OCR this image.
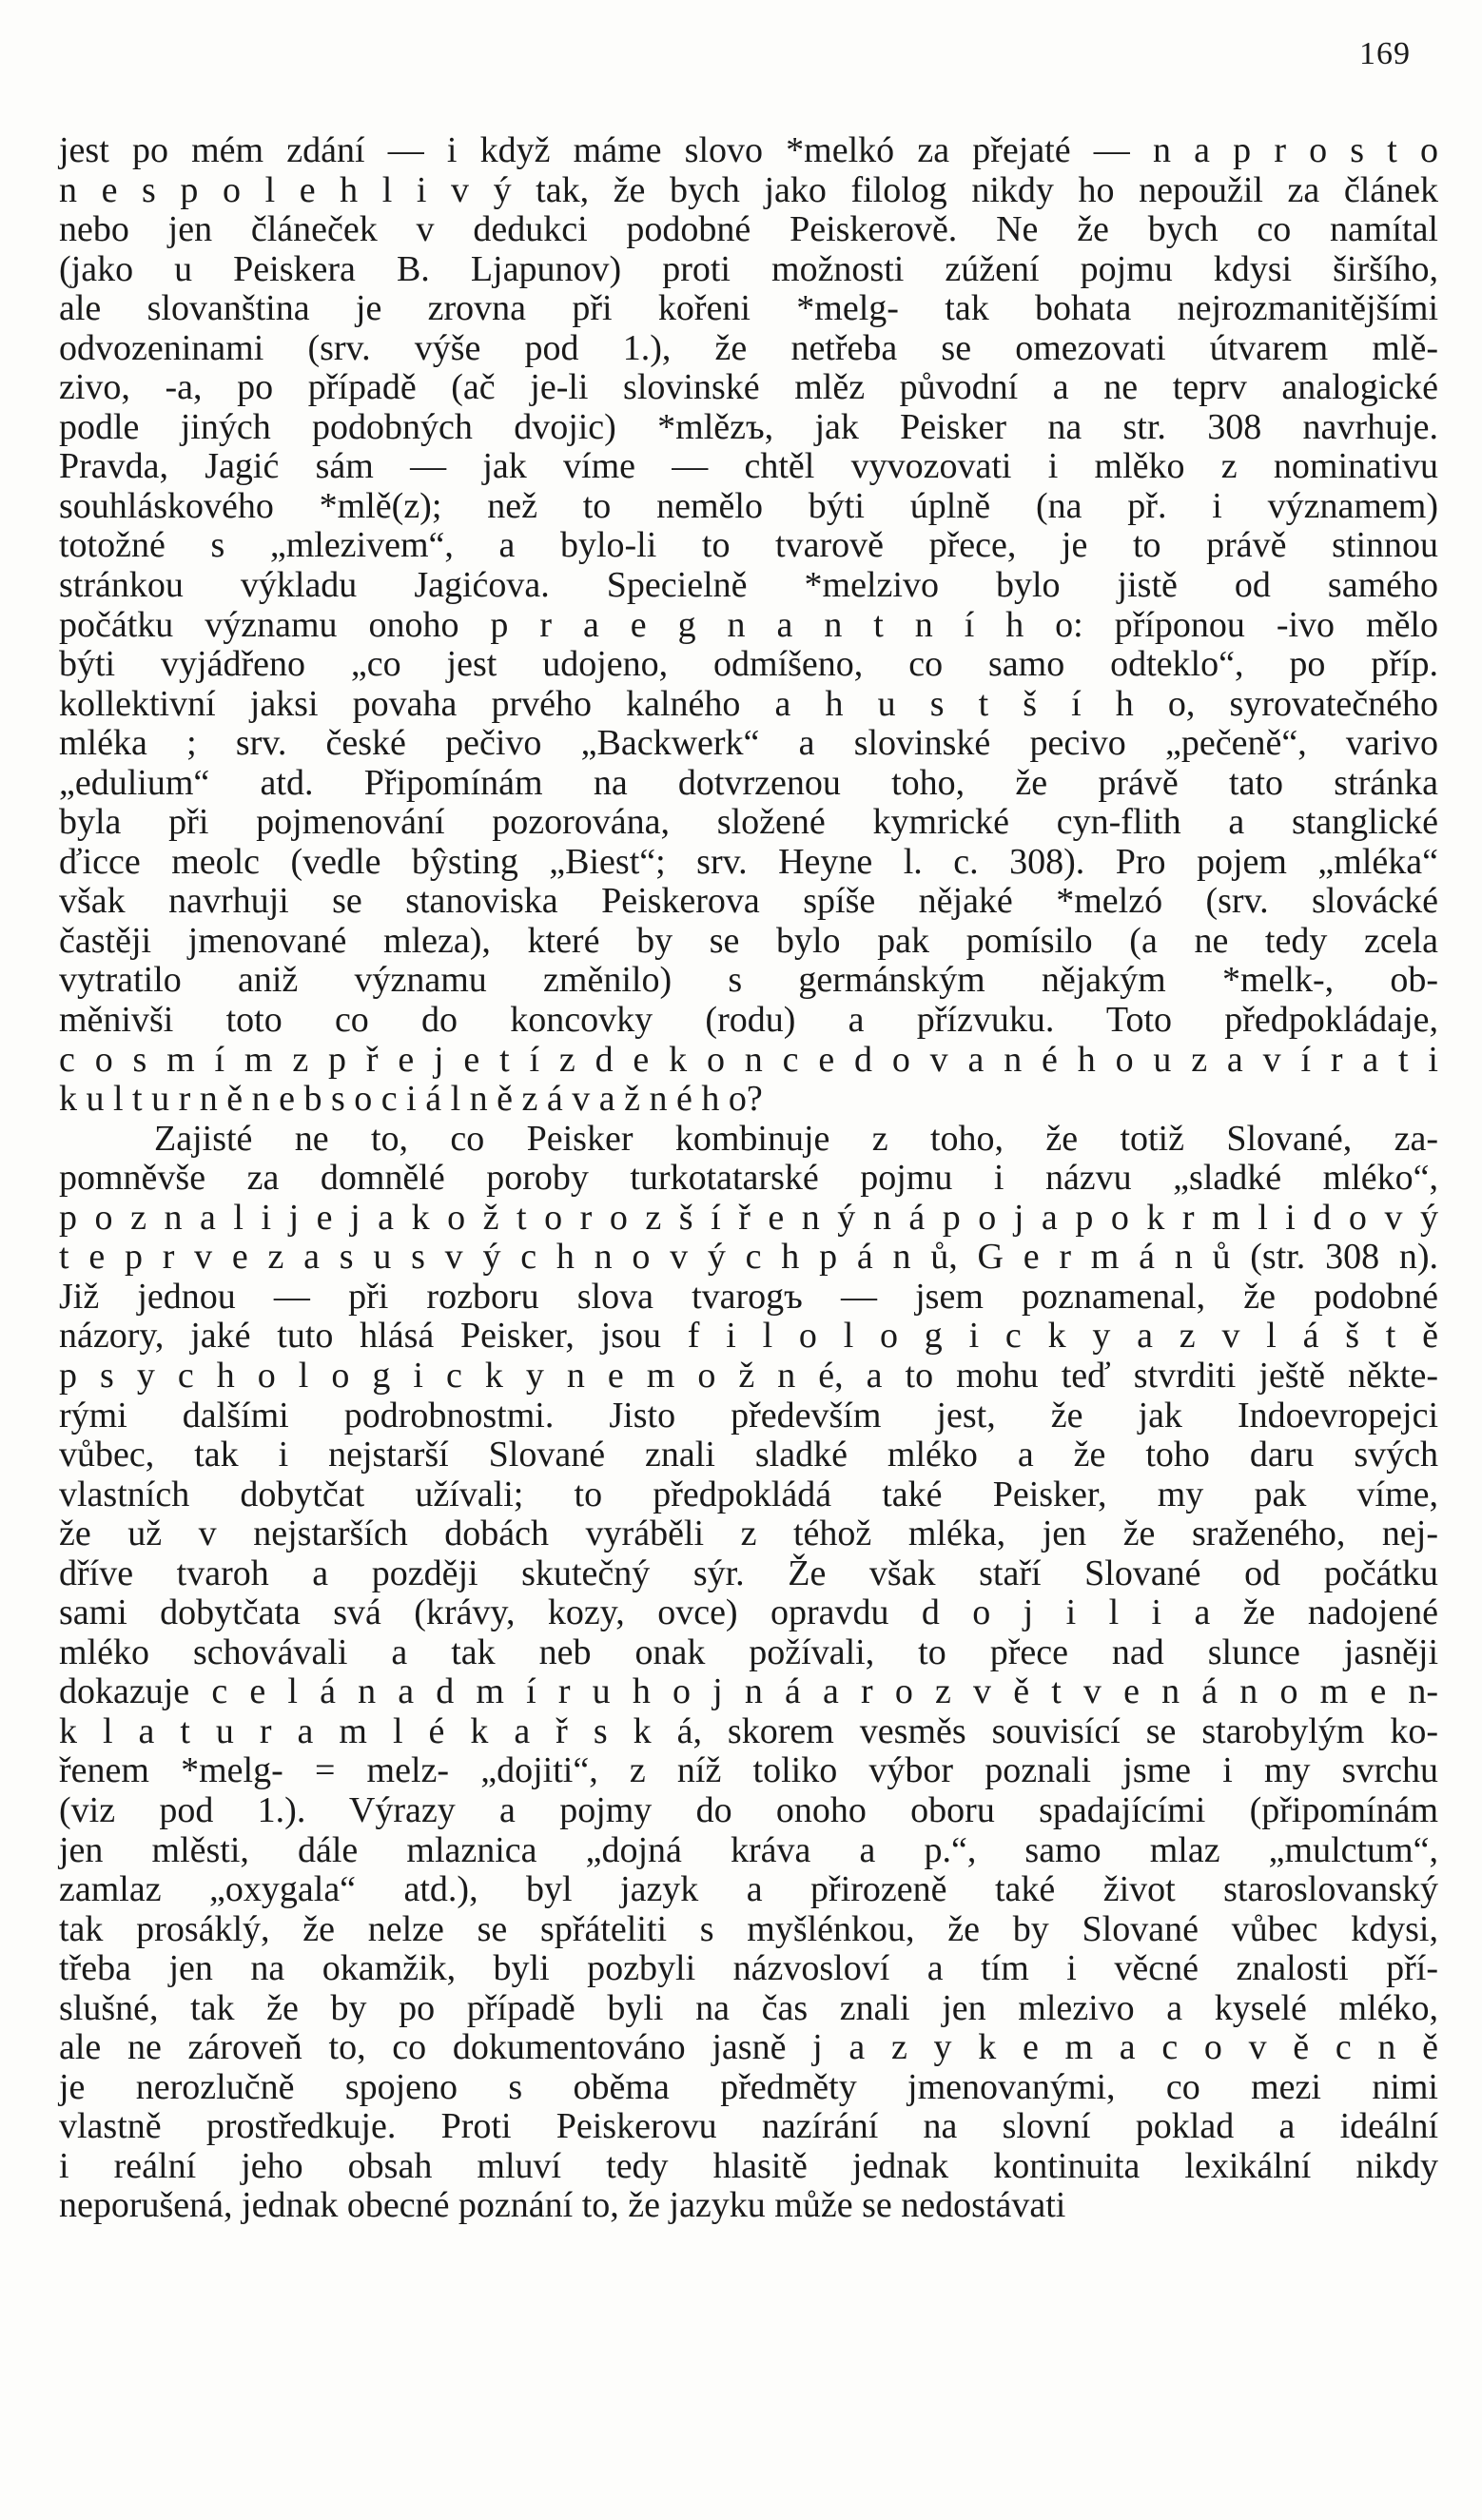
169
jest po mém zdání — i když máme slovo *melkó za přejaté — n a p r o s t o
n e s p o l e h l i v ý tak, že bych jako filolog nikdy ho nepoužil za článek
nebo jen článeček v dedukci podobné Peiskerově. Ne že bych co namítal
(jako u Peiskera B. Ljapunov) proti možnosti zúžení pojmu kdysi širšího,
ale slovanština je zrovna při kořeni *melg- tak bohata nejrozmanitějšími
odvozeninami (srv. výše pod 1.), že netřeba se omezovati útvarem mlě-
zivo, -a, po případě (ač je-li slovinské mlěz původní a ne teprv analogické
podle jiných podobných dvojic) *mlězъ, jak Peisker na str. 308 navrhuje.
Pravda, Jagić sám — jak víme — chtěl vyvozovati i mlěko z nominativu
souhláskového *mlě(z); než to nemělo býti úplně (na př. i významem)
totožné s „mlezivem“, a bylo-li to tvarově přece, je to právě stinnou
stránkou výkladu Jagićova. Specielně *melzivo bylo jistě od samého
počátku významu onoho p r a e g n a n t n í h o: příponou -ivo mělo
býti vyjádřeno „co jest udojeno, odmíšeno, co samo odteklo“, po příp.
kollektivní jaksi povaha prvého kalného a h u s t š í h o, syrovatečného
mléka ; srv. české pečivo „Backwerk“ a slovinské pecivo „pečeně“, varivo
„edulium“ atd. Připomínám na dotvrzenou toho, že právě tato stránka
byla při pojmenování pozorována, složené kymrické cyn-flith a stanglické
ďicce meolc (vedle bŷsting „Biest“; srv. Heyne l. c. 308). Pro pojem „mléka“
však navrhuji se stanoviska Peiskerova spíše nějaké *melzó (srv. slovácké
častěji jmenované mleza), které by se bylo pak pomísilo (a ne tedy zcela
vytratilo aniž významu změnilo) s germánským nějakým *melk-, ob-
měnivši toto co do koncovky (rodu) a přízvuku. Toto předpokládaje,
c o s m í m z p ř e j e t í z d e k o n c e d o v a n é h o u z a v í r a t i
k u l t u r n ě n e b s o c i á l n ě z á v a ž n é h o?
Zajisté ne to, co Peisker kombinuje z toho, že totiž Slované, za-
pomněvše za domnělé poroby turkotatarské pojmu i názvu „sladké mléko“,
p o z n a l i j e j a k o ž t o r o z š í ř e n ý n á p o j a p o k r m l i d o v ý
t e p r v e z a s u s v ý c h n o v ý c h p á n ů, G e r m á n ů (str. 308 n).
Již jednou — při rozboru slova tvarogъ — jsem poznamenal, že podobné
názory, jaké tuto hlásá Peisker, jsou f i l o l o g i c k y a z v l á š t ě
p s y c h o l o g i c k y n e m o ž n é, a to mohu teď stvrditi ještě někte-
rými dalšími podrobnostmi. Jisto především jest, že jak Indoevropejci
vůbec, tak i nejstarší Slované znali sladké mléko a že toho daru svých
vlastních dobytčat užívali; to předpokládá také Peisker, my pak víme,
že už v nejstarších dobách vyráběli z téhož mléka, jen že sraženého, nej-
dříve tvaroh a později skutečný sýr. Že však staří Slované od počátku
sami dobytčata svá (krávy, kozy, ovce) opravdu d o j i l i a že nadojené
mléko schovávali a tak neb onak požívali, to přece nad slunce jasněji
dokazuje c e l á n a d m í r u h o j n á a r o z v ě t v e n á n o m e n-
k l a t u r a m l é k a ř s k á, skorem vesměs souvisící se starobylým ko-
řenem *melg- = melz- „dojiti“, z níž toliko výbor poznali jsme i my svrchu
(viz pod 1.). Výrazy a pojmy do onoho oboru spadajícími (připomínám
jen mlěsti, dále mlaznica „dojná kráva a p.“, samo mlaz „mulctum“,
zamlaz „oxygala“ atd.), byl jazyk a přirozeně také život staroslovanský
tak prosáklý, že nelze se spřáteliti s myšlénkou, že by Slované vůbec kdysi,
třeba jen na okamžik, byli pozbyli názvosloví a tím i věcné znalosti pří-
slušné, tak že by po případě byli na čas znali jen mlezivo a kyselé mléko,
ale ne zároveň to, co dokumentováno jasně j a z y k e m a c o v ě c n ě
je nerozlučně spojeno s oběma předměty jmenovanými, co mezi nimi
vlastně prostředkuje. Proti Peiskerovu nazírání na slovní poklad a ideální
i reální jeho obsah mluví tedy hlasitě jednak kontinuita lexikální nikdy
neporušená, jednak obecné poznání to, že jazyku může se nedostávati
